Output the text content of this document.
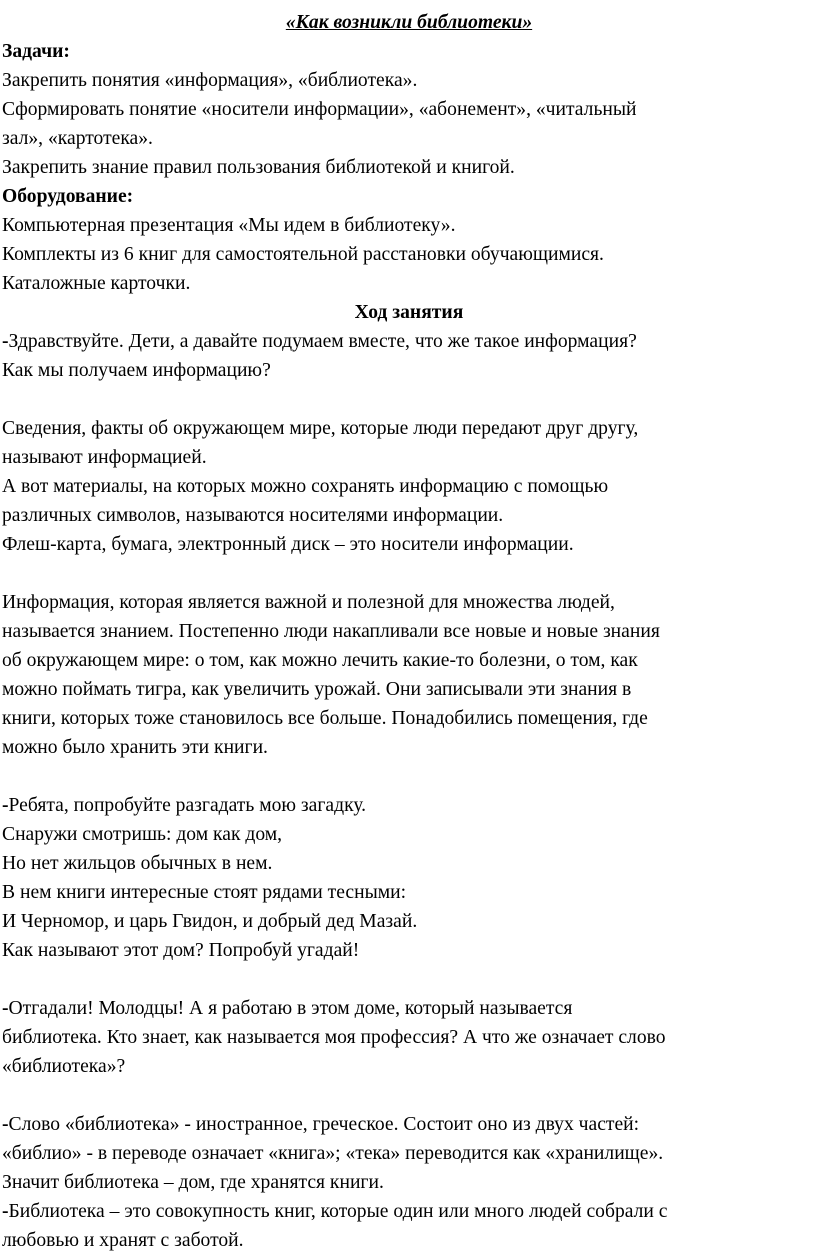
«Как возникли библиотеки»
Задачи:
Закрепить понятия «информация», «библиотека».
Сформировать понятие «носители информации», «абонемент», «читальный
зал», «картотека».
Закрепить знание правил пользования библиотекой и книгой.
Оборудование:
Компьютерная презентация «Мы идем в библиотеку».
Комплекты из 6 книг для самостоятельной расстановки обучающимися.
Каталожные карточки.
Ход занятия
-Здравствуйте. Дети, а давайте подумаем вместе, что же такое информация?
Как мы получаем информацию?
Сведения, факты об окружающем мире, которые люди передают друг другу,
называют информацией.
А вот материалы, на которых можно сохранять информацию с помощью
различных символов, называются носителями информации.
Флеш-карта, бумага, электронный диск – это носители информации.
Информация, которая является важной и полезной для множества людей,
называется знанием. Постепенно люди накапливали все новые и новые знания
об окружающем мире: о том, как можно лечить какие-то болезни, о том, как
можно поймать тигра, как увеличить урожай. Они записывали эти знания в
книги, которых тоже становилось все больше. Понадобились помещения, где
можно было хранить эти книги.
-Ребята, попробуйте разгадать мою загадку.
Снаружи смотришь: дом как дом,
Но нет жильцов обычных в нем.
В нем книги интересные стоят рядами тесными:
И Черномор, и царь Гвидон, и добрый дед Мазай.
Как называют этот дом? Попробуй угадай!
-Отгадали! Молодцы! А я работаю в этом доме, который называется
библиотека. Кто знает, как называется моя профессия? А что же означает слово
«библиотека»?
-Слово «библиотека» - иностранное, греческое. Состоит оно из двух частей:
«библио» - в переводе означает «книга»; «тека» переводится как «хранилище».
Значит библиотека – дом, где хранятся книги.
-Библиотека – это совокупность книг, которые один или много людей собрали с
любовью и хранят с заботой.
